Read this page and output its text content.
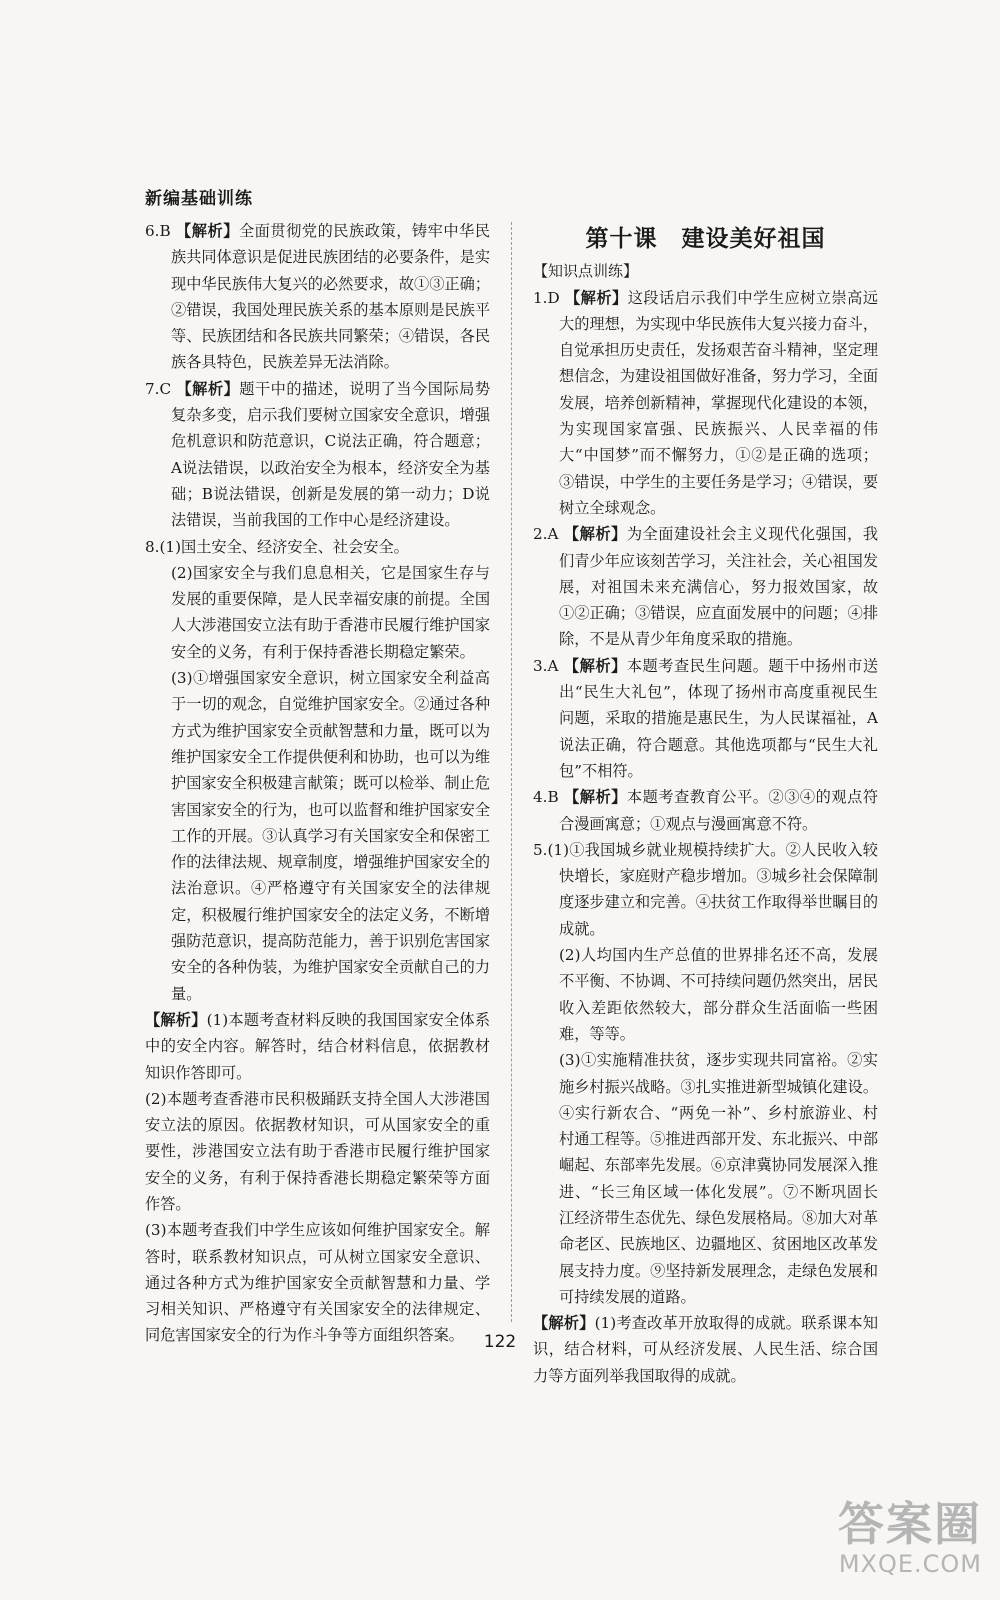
新编基础训练

6.B 【解析】全面贯彻党的民族政策，铸牢中华民族共同体意识是促进民族团结的必要条件，是实现中华民族伟大复兴的必然要求，故①③正确；②错误，我国处理民族关系的基本原则是民族平等、民族团结和各民族共同繁荣；④错误，各民族各具特色，民族差异无法消除。

7.C 【解析】题干中的描述，说明了当今国际局势复杂多变，启示我们要树立国家安全意识，增强危机意识和防范意识，C说法正确，符合题意；A说法错误，以政治安全为根本，经济安全为基础；B说法错误，创新是发展的第一动力；D说法错误，当前我国的工作中心是经济建设。

8.(1)国土安全、经济安全、社会安全。

(2)国家安全与我们息息相关，它是国家生存与发展的重要保障，是人民幸福安康的前提。全国人大涉港国安立法有助于香港市民履行维护国家安全的义务，有利于保持香港长期稳定繁荣。

(3)①增强国家安全意识，树立国家安全利益高于一切的观念，自觉维护国家安全。②通过各种方式为维护国家安全贡献智慧和力量，既可以为维护国家安全工作提供便利和协助，也可以为维护国家安全积极建言献策；既可以检举、制止危害国家安全的行为，也可以监督和维护国家安全工作的开展。③认真学习有关国家安全和保密工作的法律法规、规章制度，增强维护国家安全的法治意识。④严格遵守有关国家安全的法律规定，积极履行维护国家安全的法定义务，不断增强防范意识，提高防范能力，善于识别危害国家安全的各种伪装，为维护国家安全贡献自己的力量。

【解析】(1)本题考查材料反映的我国国家安全体系中的安全内容。解答时，结合材料信息，依据教材知识作答即可。

(2)本题考查香港市民积极踊跃支持全国人大涉港国安立法的原因。依据教材知识，可从国家安全的重要性，涉港国安立法有助于香港市民履行维护国家安全的义务，有利于保持香港长期稳定繁荣等方面作答。

(3)本题考查我们中学生应该如何维护国家安全。解答时，联系教材知识点，可从树立国家安全意识、通过各种方式为维护国家安全贡献智慧和力量、学习相关知识、严格遵守有关国家安全的法律规定、同危害国家安全的行为作斗争等方面组织答案。

第十课　建设美好祖国
【知识点训练】

1.D 【解析】这段话启示我们中学生应树立崇高远大的理想，为实现中华民族伟大复兴接力奋斗，自觉承担历史责任，发扬艰苦奋斗精神，坚定理想信念，为建设祖国做好准备，努力学习，全面发展，培养创新精神，掌握现代化建设的本领，为实现国家富强、民族振兴、人民幸福的伟大“中国梦”而不懈努力，①②是正确的选项；③错误，中学生的主要任务是学习；④错误，要树立全球观念。

2.A 【解析】为全面建设社会主义现代化强国，我们青少年应该刻苦学习，关注社会，关心祖国发展，对祖国未来充满信心，努力报效国家，故①②正确；③错误，应直面发展中的问题；④排除，不是从青少年角度采取的措施。

3.A 【解析】本题考查民生问题。题干中扬州市送出“民生大礼包”，体现了扬州市高度重视民生问题，采取的措施是惠民生，为人民谋福祉，A说法正确，符合题意。其他选项都与“民生大礼包”不相符。

4.B 【解析】本题考查教育公平。②③④的观点符合漫画寓意；①观点与漫画寓意不符。

5.(1)①我国城乡就业规模持续扩大。②人民收入较快增长，家庭财产稳步增加。③城乡社会保障制度逐步建立和完善。④扶贫工作取得举世瞩目的成就。

(2)人均国内生产总值的世界排名还不高，发展不平衡、不协调、不可持续问题仍然突出，居民收入差距依然较大，部分群众生活面临一些困难，等等。

(3)①实施精准扶贫，逐步实现共同富裕。②实施乡村振兴战略。③扎实推进新型城镇化建设。④实行新农合、“两免一补”、乡村旅游业、村村通工程等。⑤推进西部开发、东北振兴、中部崛起、东部率先发展。⑥京津冀协同发展深入推进、“长三角区域一体化发展”。⑦不断巩固长江经济带生态优先、绿色发展格局。⑧加大对革命老区、民族地区、边疆地区、贫困地区改革发展支持力度。⑨坚持新发展理念，走绿色发展和可持续发展的道路。

【解析】(1)考查改革开放取得的成就。联系课本知识，结合材料，可从经济发展、人民生活、综合国力等方面列举我国取得的成就。

122
答案圈
MXQE.COM
